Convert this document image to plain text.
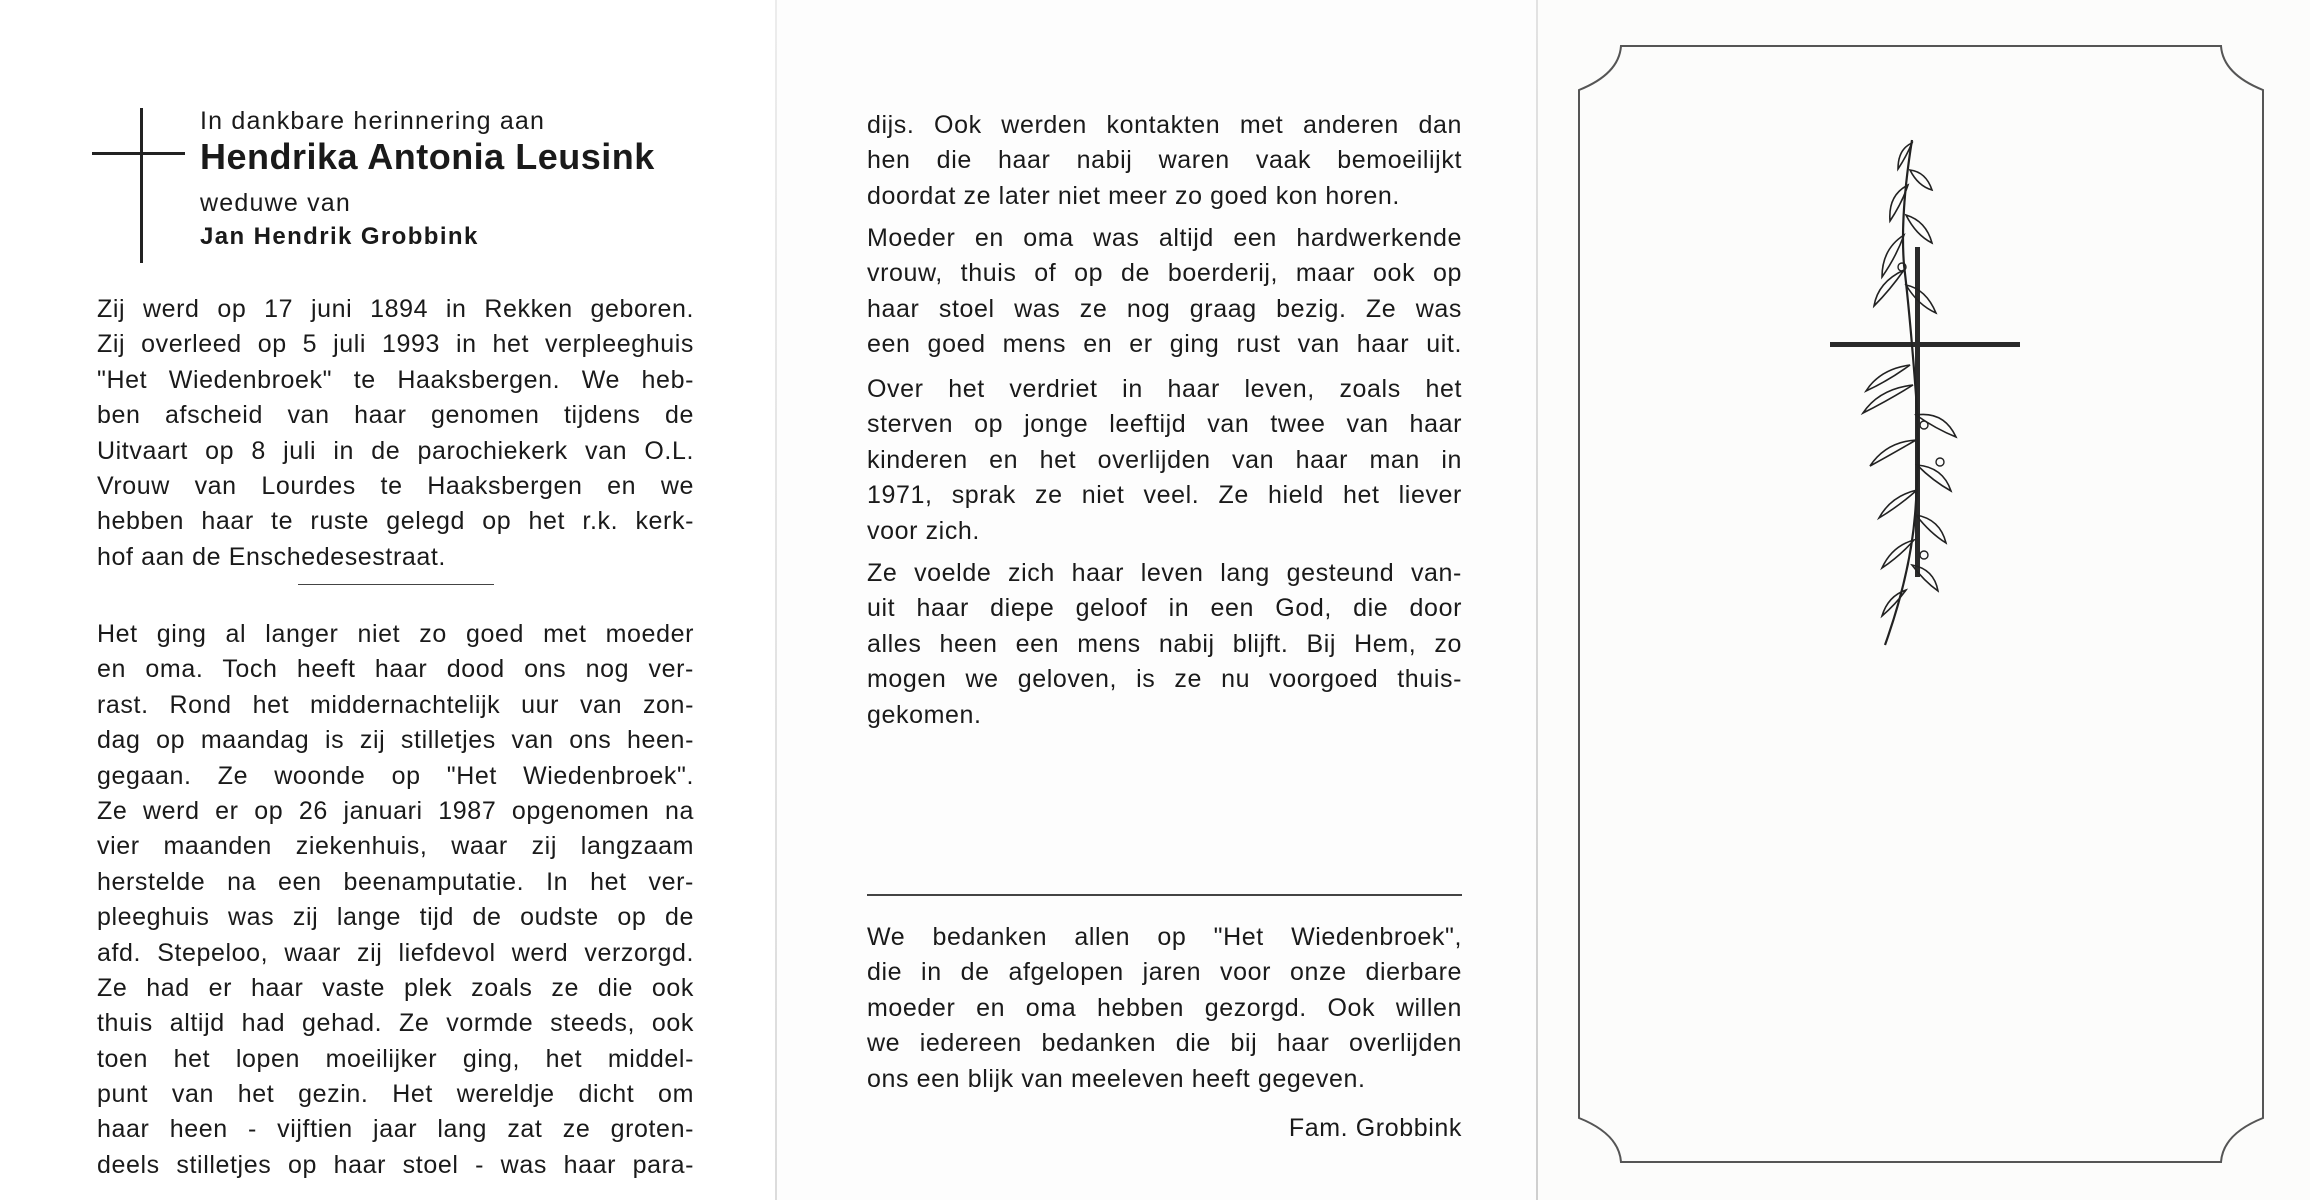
In dankbare herinnering aan
Hendrika Antonia Leusink
weduwe van
Jan Hendrik Grobbink
Zij werd op 17 juni 1894 in Rekken geboren.
Zij overleed op 5 juli 1993 in het verpleeghuis
"Het Wiedenbroek" te Haaksbergen. We heb-
ben afscheid van haar genomen tijdens de
Uitvaart op 8 juli in de parochiekerk van O.L.
Vrouw van Lourdes te Haaksbergen en we
hebben haar te ruste gelegd op het r.k. kerk-
hof aan de Enschedesestraat.
Het ging al langer niet zo goed met moeder
en oma. Toch heeft haar dood ons nog ver-
rast. Rond het middernachtelijk uur van zon-
dag op maandag is zij stilletjes van ons heen-
gegaan. Ze woonde op "Het Wiedenbroek".
Ze werd er op 26 januari 1987 opgenomen na
vier maanden ziekenhuis, waar zij langzaam
herstelde na een beenamputatie. In het ver-
pleeghuis was zij lange tijd de oudste op de
afd. Stepeloo, waar zij liefdevol werd verzorgd.
Ze had er haar vaste plek zoals ze die ook
thuis altijd had gehad. Ze vormde steeds, ook
toen het lopen moeilijker ging, het middel-
punt van het gezin. Het wereldje dicht om
haar heen - vijftien jaar lang zat ze groten-
deels stilletjes op haar stoel - was haar para-
dijs. Ook werden kontakten met anderen dan
hen die haar nabij waren vaak bemoeilijkt
doordat ze later niet meer zo goed kon horen.
Moeder en oma was altijd een hardwerkende
vrouw, thuis of op de boerderij, maar ook op
haar stoel was ze nog graag bezig. Ze was
een goed mens en er ging rust van haar uit.
Over het verdriet in haar leven, zoals het
sterven op jonge leeftijd van twee van haar
kinderen en het overlijden van haar man in
1971, sprak ze niet veel. Ze hield het liever
voor zich.
Ze voelde zich haar leven lang gesteund van-
uit haar diepe geloof in een God, die door
alles heen een mens nabij blijft. Bij Hem, zo
mogen we geloven, is ze nu voorgoed thuis-
gekomen.
We bedanken allen op "Het Wiedenbroek",
die in de afgelopen jaren voor onze dierbare
moeder en oma hebben gezorgd. Ook willen
we iedereen bedanken die bij haar overlijden
ons een blijk van meeleven heeft gegeven.
Fam. Grobbink
